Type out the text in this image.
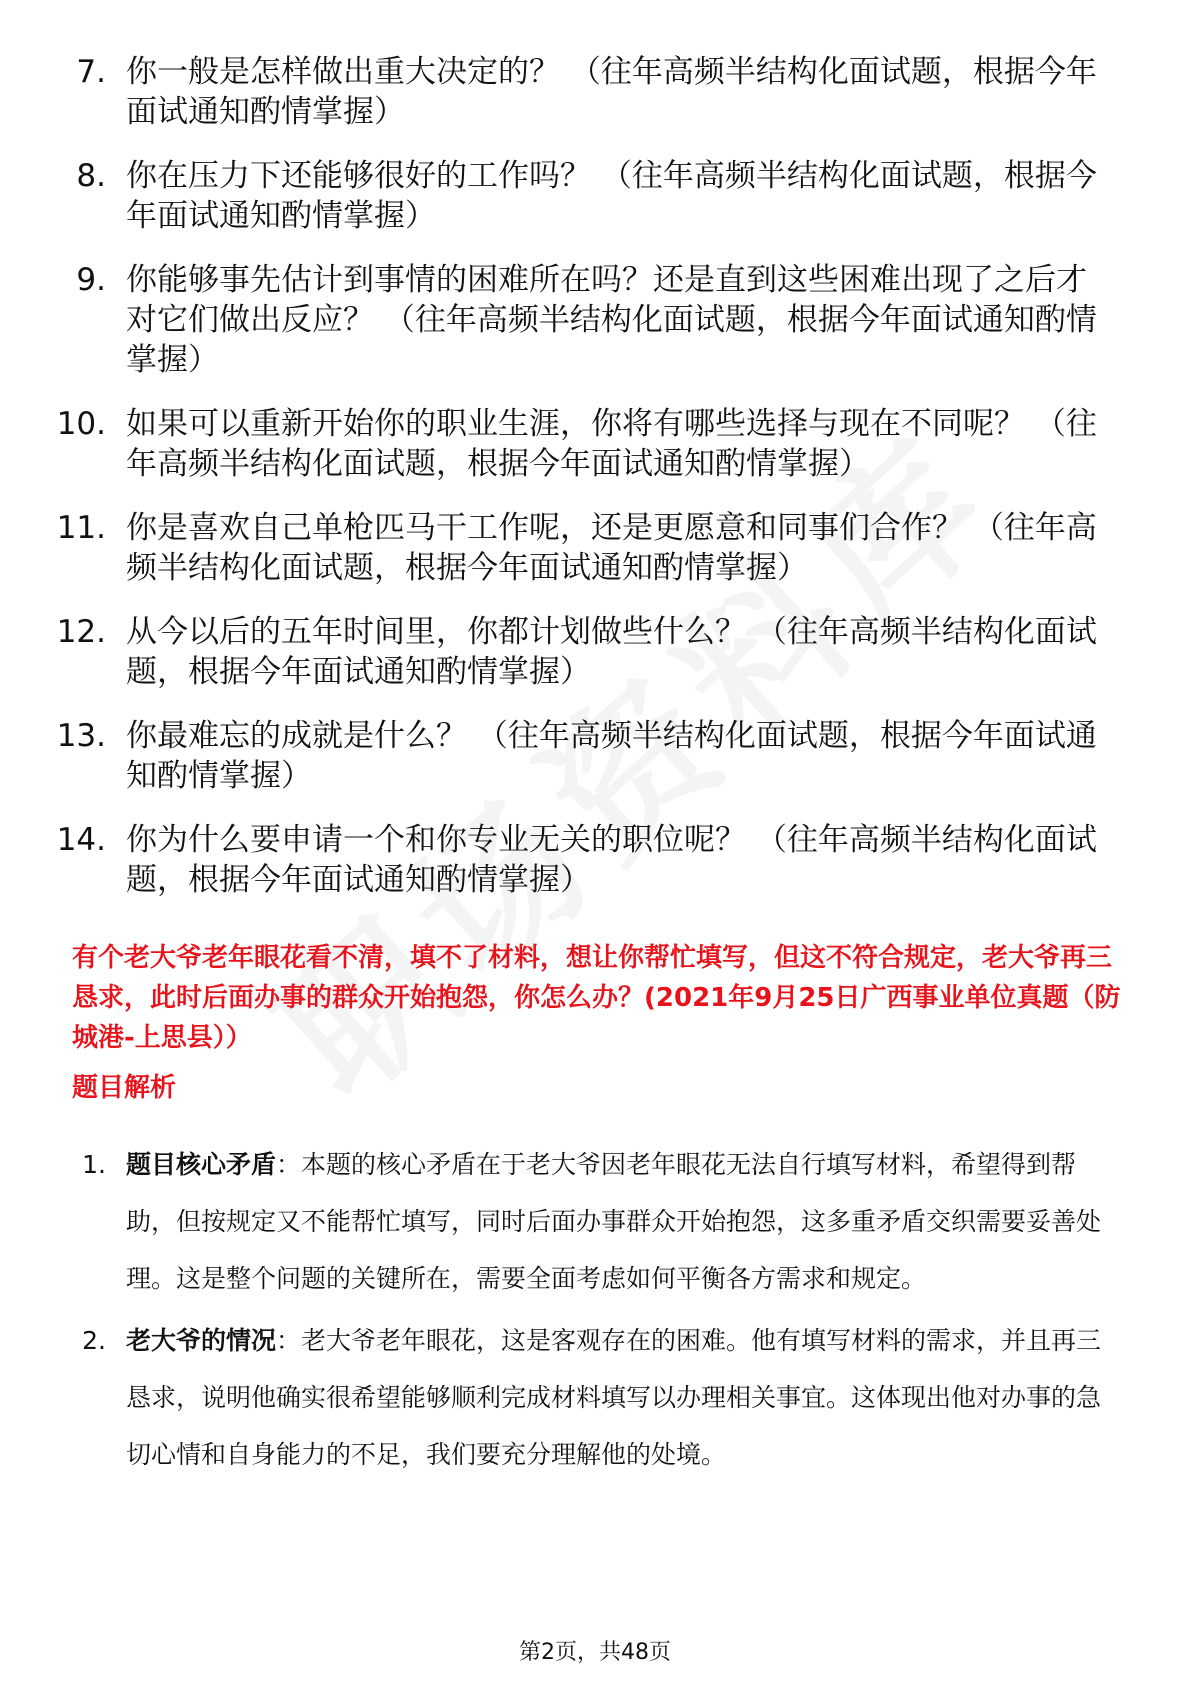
7. 你一般是怎样做出重大决定的？ （往年高频半结构化面试题，根据今年面试通知酌情掌握）
8. 你在压力下还能够很好的工作吗？ （往年高频半结构化面试题，根据今年面试通知酌情掌握）
9. 你能够事先估计到事情的困难所在吗？还是直到这些困难出现了之后才对它们做出反应？ （往年高频半结构化面试题，根据今年面试通知酌情掌握）
10. 如果可以重新开始你的职业生涯，你将有哪些选择与现在不同呢？ （往年高频半结构化面试题，根据今年面试通知酌情掌握）
11. 你是喜欢自己单枪匹马干工作呢，还是更愿意和同事们合作？ （往年高频半结构化面试题，根据今年面试通知酌情掌握）
12. 从今以后的五年时间里，你都计划做些什么？ （往年高频半结构化面试题，根据今年面试通知酌情掌握）
13. 你最难忘的成就是什么？ （往年高频半结构化面试题，根据今年面试通知酌情掌握）
14. 你为什么要申请一个和你专业无关的职位呢？ （往年高频半结构化面试题，根据今年面试通知酌情掌握）
有个老大爷老年眼花看不清，填不了材料，想让你帮忙填写，但这不符合规定，老大爷再三恳求，此时后面办事的群众开始抱怨，你怎么办？(2021年9月25日广西事业单位真题（防城港-上思县））
题目解析
1. 题目核心矛盾：本题的核心矛盾在于老大爷因老年眼花无法自行填写材料，希望得到帮助，但按规定又不能帮忙填写，同时后面办事群众开始抱怨，这多重矛盾交织需要妥善处理。这是整个问题的关键所在，需要全面考虑如何平衡各方需求和规定。
2. 老大爷的情况：老大爷老年眼花，这是客观存在的困难。他有填写材料的需求，并且再三恳求，说明他确实很希望能够顺利完成材料填写以办理相关事宜。这体现出他对办事的急切心情和自身能力的不足，我们要充分理解他的处境。
第2页，共48页
